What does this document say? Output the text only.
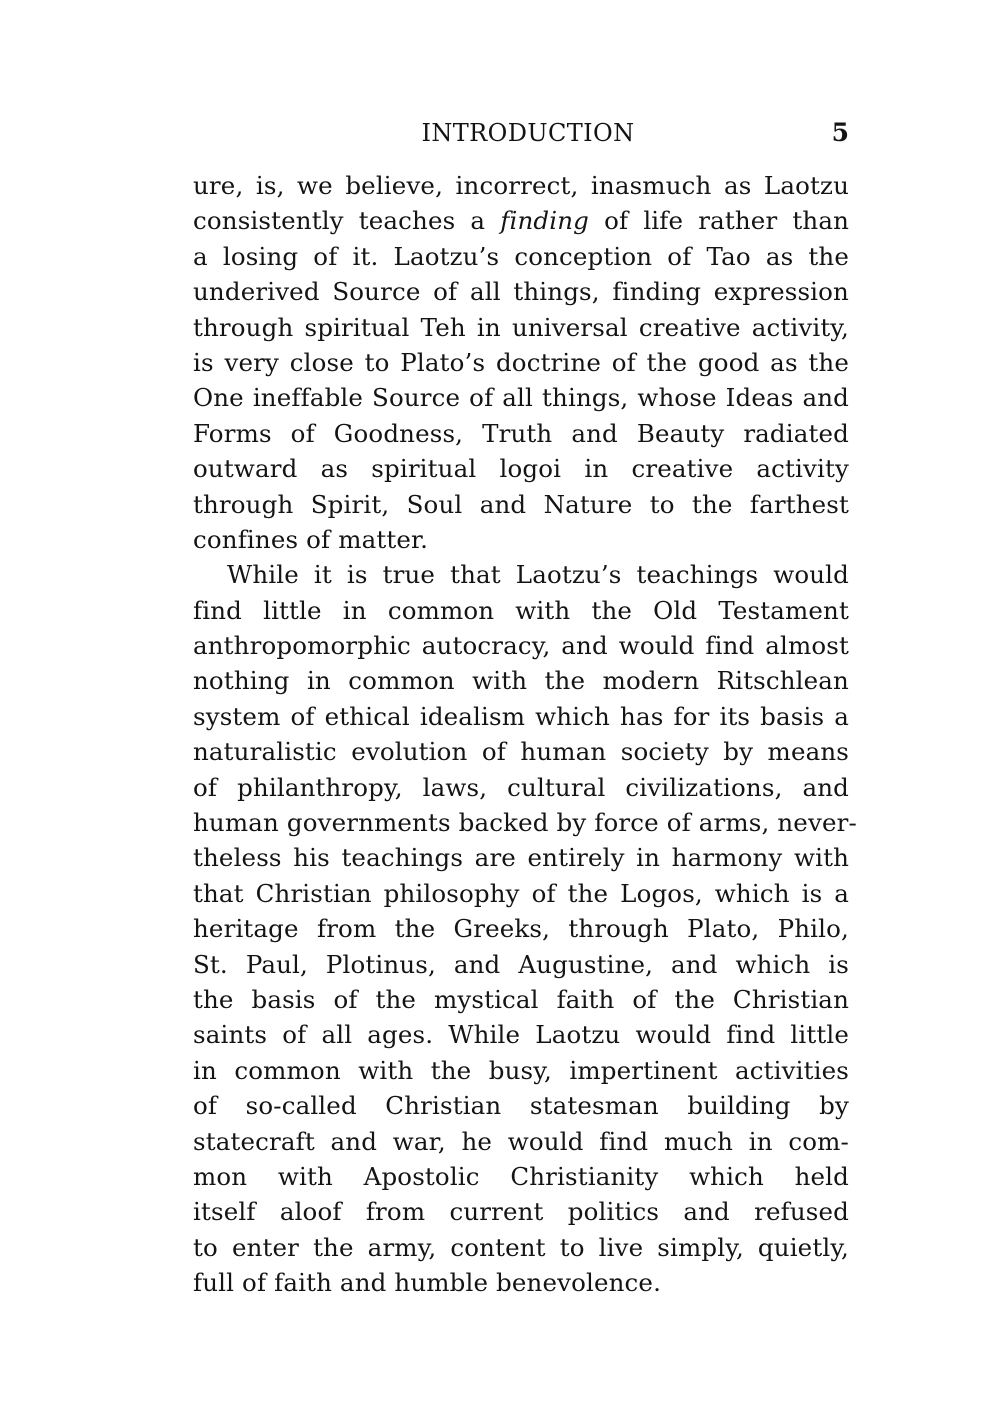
INTRODUCTION	5
ure, is, we believe, incorrect, inasmuch as Laotzu
consistently teaches a finding of life rather than
a losing of it. Laotzu’s conception of Tao as the
underived Source of all things, finding expression
through spiritual Teh in universal creative activity,
is very close to Plato’s doctrine of the good as the
One ineffable Source of all things, whose Ideas and
Forms of Goodness, Truth and Beauty radiated
outward as spiritual logoi in creative activity
through Spirit, Soul and Nature to the farthest
confines of matter.
While it is true that Laotzu’s teachings would
find little in common with the Old Testament
anthropomorphic autocracy, and would find almost
nothing in common with the modern Ritschlean
system of ethical idealism which has for its basis a
naturalistic evolution of human society by means
of philanthropy, laws, cultural civilizations, and
human governments backed by force of arms, never-
theless his teachings are entirely in harmony with
that Christian philosophy of the Logos, which is a
heritage from the Greeks, through Plato, Philo,
St. Paul, Plotinus, and Augustine, and which is
the basis of the mystical faith of the Christian
saints of all ages. While Laotzu would find little
in common with the busy, impertinent activities
of so-called Christian statesman building by
statecraft and war, he would find much in com-
mon with Apostolic Christianity which held
itself aloof from current politics and refused
to enter the army, content to live simply, quietly,
full of faith and humble benevolence.
